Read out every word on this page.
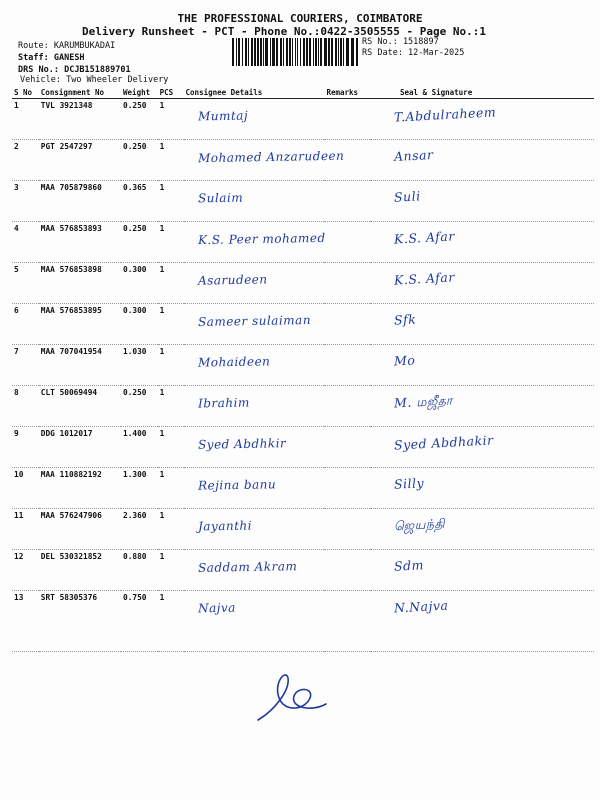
THE PROFESSIONAL COURIERS, COIMBATORE
Delivery Runsheet - PCT - Phone No.:0422-3505555 - Page No.:1
Route: KARUMBUKADAI
Staff: GANESH
DRS No.: DCJB151889701
Vehicle: Two Wheeler Delivery
RS No.: 1518897
RS Date: 12-Mar-2025
S No	Consignment No	Weight	PCS	Consignee Details	Remarks	Seal & Signature
1	TVL 3921348	0.250	1	Mumtaj		T.Abdulraheem

2	PGT 2547297	0.250	1	Mohamed Anzarudeen		Ansar

3	MAA 705879860	0.365	1	Sulaim		Suli

4	MAA 576853893	0.250	1	K.S. Peer mohamed		K.S. Afar

5	MAA 576853898	0.300	1	Asarudeen		K.S. Afar

6	MAA 576853895	0.300	1	Sameer sulaiman		Sfk

7	MAA 707041954	1.030	1	Mohaideen		Mo

8	CLT 50069494	0.250	1	Ibrahim		M. மஜீதா

9	DDG 1012017	1.400	1	Syed Abdhkir		Syed Abdhakir

10	MAA 110882192	1.300	1	Rejina banu		Silly

11	MAA 576247906	2.360	1	Jayanthi		ஜெயந்தி

12	DEL 530321852	0.880	1	Saddam Akram		Sdm

13	SRT 58305376	0.750	1	Najva		N.Najva
